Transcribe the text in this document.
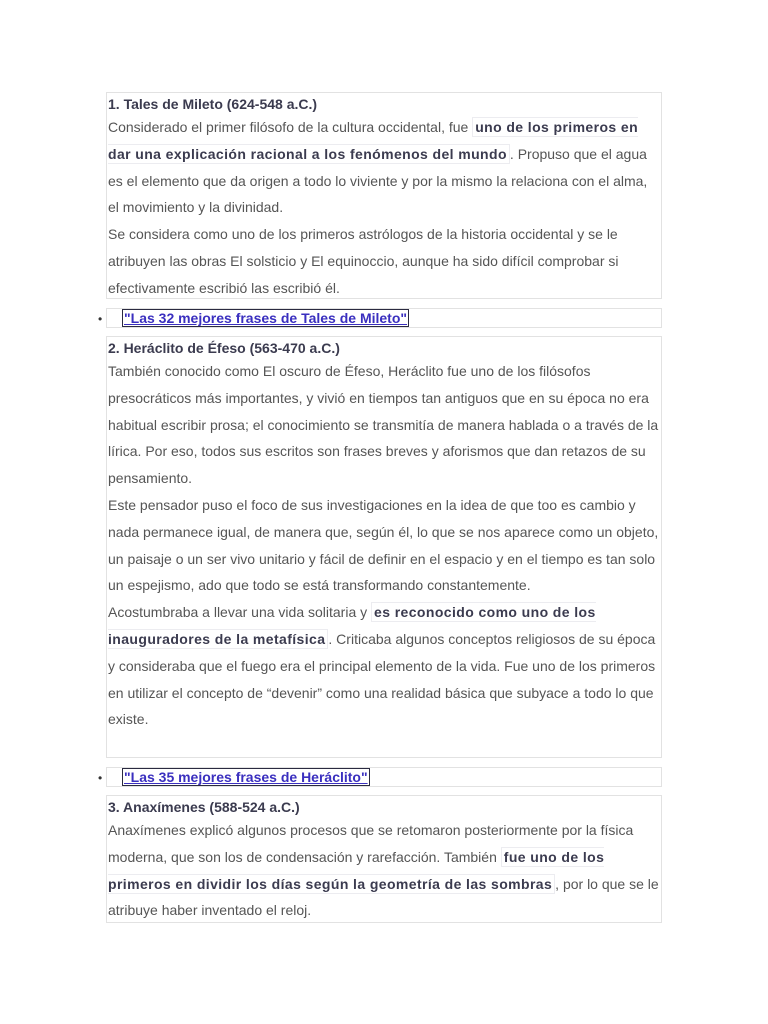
1. Tales de Mileto (624-548 a.C.)

Considerado el primer filósofo de la cultura occidental, fue uno de los primeros en dar una explicación racional a los fenómenos del mundo . Propuso que el agua es el elemento que da origen a todo lo viviente y por la mismo la relaciona con el alma, el movimiento y la divinidad.

Se considera como uno de los primeros astrólogos de la historia occidental y se le atribuyen las obras El solsticio y El equinoccio, aunque ha sido difícil comprobar si efectivamente escribió las escribió él.

• "Las 32 mejores frases de Tales de Mileto"
2. Heráclito de Éfeso (563-470 a.C.)

También conocido como El oscuro de Éfeso, Heráclito fue uno de los filósofos presocráticos más importantes, y vivió en tiempos tan antiguos que en su época no era habitual escribir prosa; el conocimiento se transmitía de manera hablada o a través de la lírica. Por eso, todos sus escritos son frases breves y aforismos que dan retazos de su pensamiento.

Este pensador puso el foco de sus investigaciones en la idea de que too es cambio y nada permanece igual, de manera que, según él, lo que se nos aparece como un objeto, un paisaje o un ser vivo unitario y fácil de definir en el espacio y en el tiempo es tan solo un espejismo, ado que todo se está transformando constantemente.

Acostumbraba a llevar una vida solitaria y es reconocido como uno de los inauguradores de la metafísica . Criticaba algunos conceptos religiosos de su época y consideraba que el fuego era el principal elemento de la vida. Fue uno de los primeros en utilizar el concepto de “devenir” como una realidad básica que subyace a todo lo que existe.

• "Las 35 mejores frases de Heráclito"
3. Anaxímenes (588-524 a.C.)

Anaxímenes explicó algunos procesos que se retomaron posteriormente por la física moderna, que son los de condensación y rarefacción. También fue uno de los primeros en dividir los días según la geometría de las sombras , por lo que se le atribuye haber inventado el reloj.
